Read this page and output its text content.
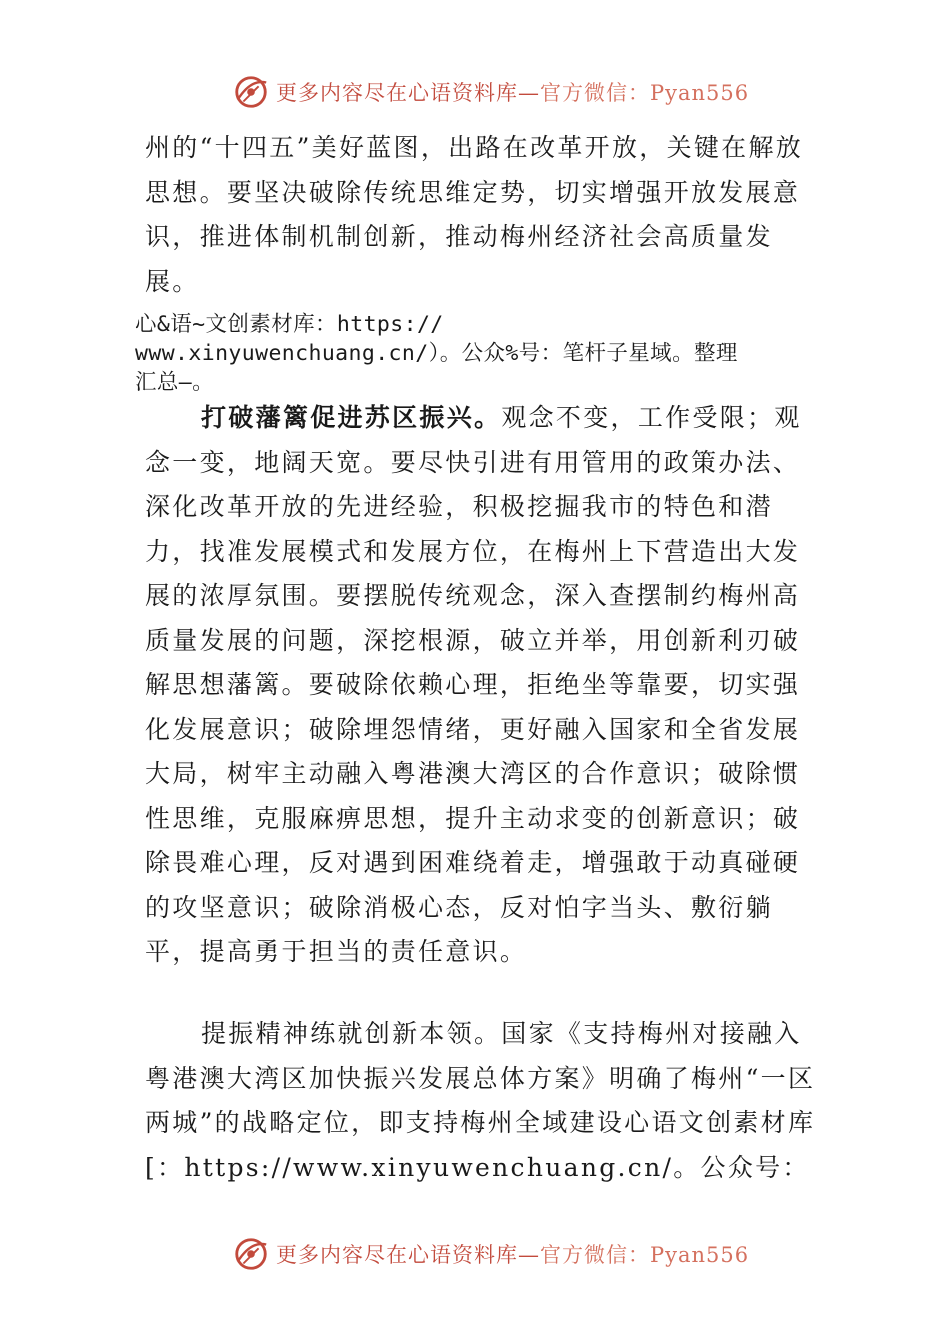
更多内容尽在心语资料库—官方微信：Pyan556

州的“十四五”美好蓝图，出路在改革开放，关键在解放思想。要坚决破除传统思维定势，切实增强开放发展意识，推进体制机制创新，推动梅州经济社会高质量发展。

心&语~文创素材库：https://
www.xinyuwenchuang.cn/）。公众%号：笔杆子星域。整理
汇总—。

打破藩篱促进苏区振兴。观念不变，工作受限；观念一变，地阔天宽。要尽快引进有用管用的政策办法、深化改革开放的先进经验，积极挖掘我市的特色和潜力，找准发展模式和发展方位，在梅州上下营造出大发展的浓厚氛围。要摆脱传统观念，深入查摆制约梅州高质量发展的问题，深挖根源，破立并举，用创新利刃破解思想藩篱。要破除依赖心理，拒绝坐等靠要，切实强化发展意识；破除埋怨情绪，更好融入国家和全省发展大局，树牢主动融入粤港澳大湾区的合作意识；破除惯性思维，克服麻痹思想，提升主动求变的创新意识；破除畏难心理，反对遇到困难绕着走，增强敢于动真碰硬的攻坚意识；破除消极心态，反对怕字当头、敷衍躺平，提高勇于担当的责任意识。

提振精神练就创新本领。国家《支持梅州对接融入粤港澳大湾区加快振兴发展总体方案》明确了梅州“一区两城”的战略定位，即支持梅州全域建设心语文创素材库[：https://www.xinyuwenchuang.cn/。公众号：

更多内容尽在心语资料库—官方微信：Pyan556
